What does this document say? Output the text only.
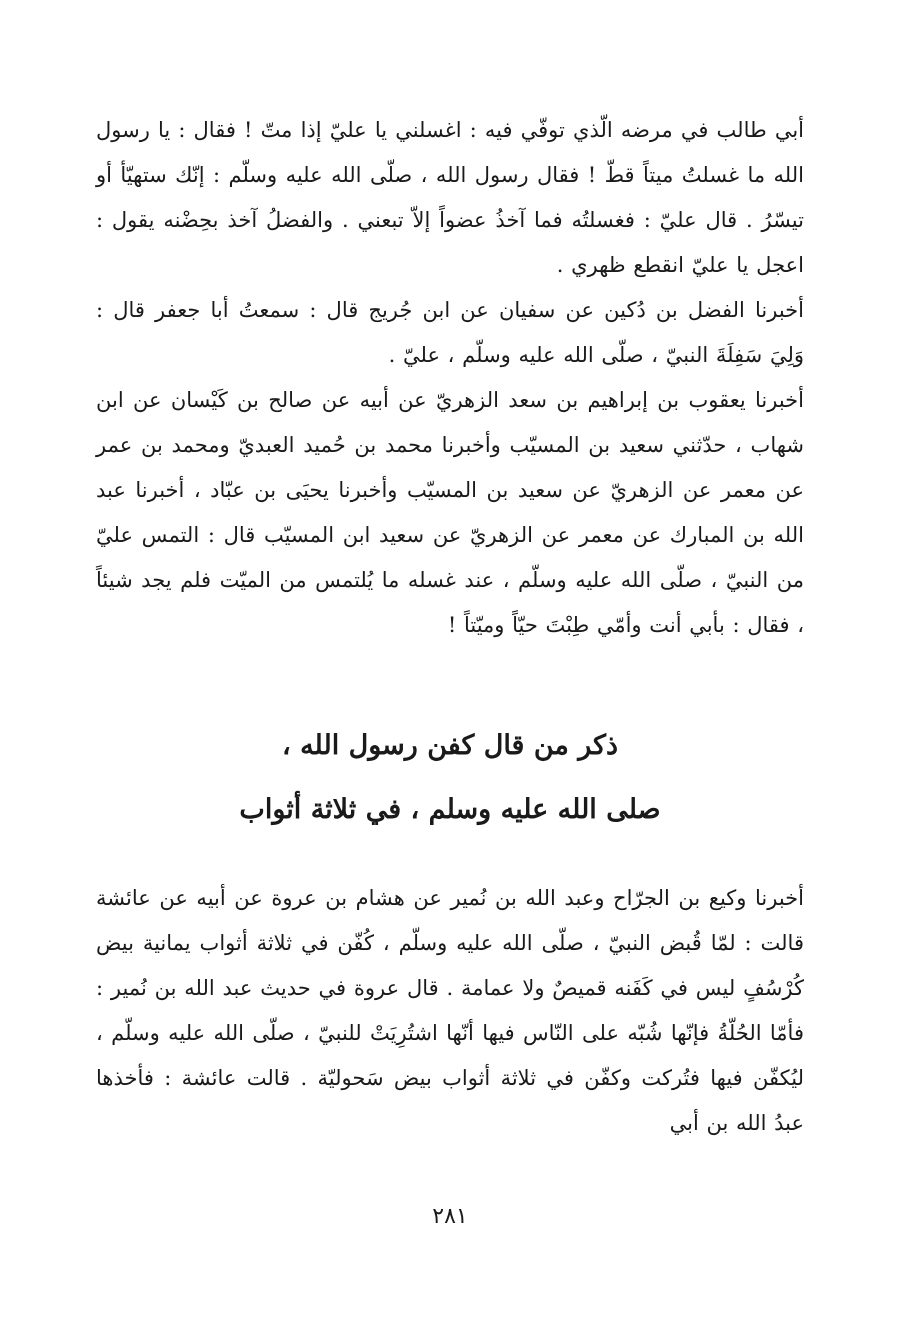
أبي طالب في مرضه الّذي توفّي فيه : اغسلني يا عليّ إذا متّ ! فقال : يا رسول الله ما غسلتُ ميتاً قطّ ! فقال رسول الله ، صلّى الله عليه وسلّم : إنّك ستهيّأ أو تيسّرُ . قال عليّ : فغسلتُه فما آخذُ عضواً إلاّ تبعني . والفضلُ آخذ بحِضْنه يقول : اعجل يا عليّ انقطع ظهري .

أخبرنا الفضل بن دُكين عن سفيان عن ابن جُريج قال : سمعتُ أبا جعفر قال : وَلِيَ سَفِلَةَ النبيّ ، صلّى الله عليه وسلّم ، عليّ .

أخبرنا يعقوب بن إبراهيم بن سعد الزهريّ عن أبيه عن صالح بن كَيْسان عن ابن شهاب ، حدّثني سعيد بن المسيّب وأخبرنا محمد بن حُميد العبديّ ومحمد بن عمر عن معمر عن الزهريّ عن سعيد بن المسيّب وأخبرنا يحيَى بن عبّاد ، أخبرنا عبد الله بن المبارك عن معمر عن الزهريّ عن سعيد ابن المسيّب قال : التمس عليّ من النبيّ ، صلّى الله عليه وسلّم ، عند غسله ما يُلتمس من الميّت فلم يجد شيئاً ، فقال : بأبي أنت وأمّي طِبْتَ حيّاً وميّتاً !

ذكر من قال كفن رسول الله ،
صلى الله عليه وسلم ، في ثلاثة أثواب

أخبرنا وكيع بن الجرّاح وعبد الله بن نُمير عن هشام بن عروة عن أبيه عن عائشة قالت : لمّا قُبض النبيّ ، صلّى الله عليه وسلّم ، كُفّن في ثلاثة أثواب يمانية بيض كُرْسُفٍ ليس في كَفَنه قميصٌ ولا عمامة . قال عروة في حديث عبد الله بن نُمير : فأمّا الحُلّةُ فإنّها شُبّه على النّاس فيها أنّها اشتُرِيَتْ للنبيّ ، صلّى الله عليه وسلّم ، ليُكفّن فيها فتُركت وكفّن في ثلاثة أثواب بيض سَحوليّة . قالت عائشة : فأخذها عبدُ الله بن أبي

٢٨١
